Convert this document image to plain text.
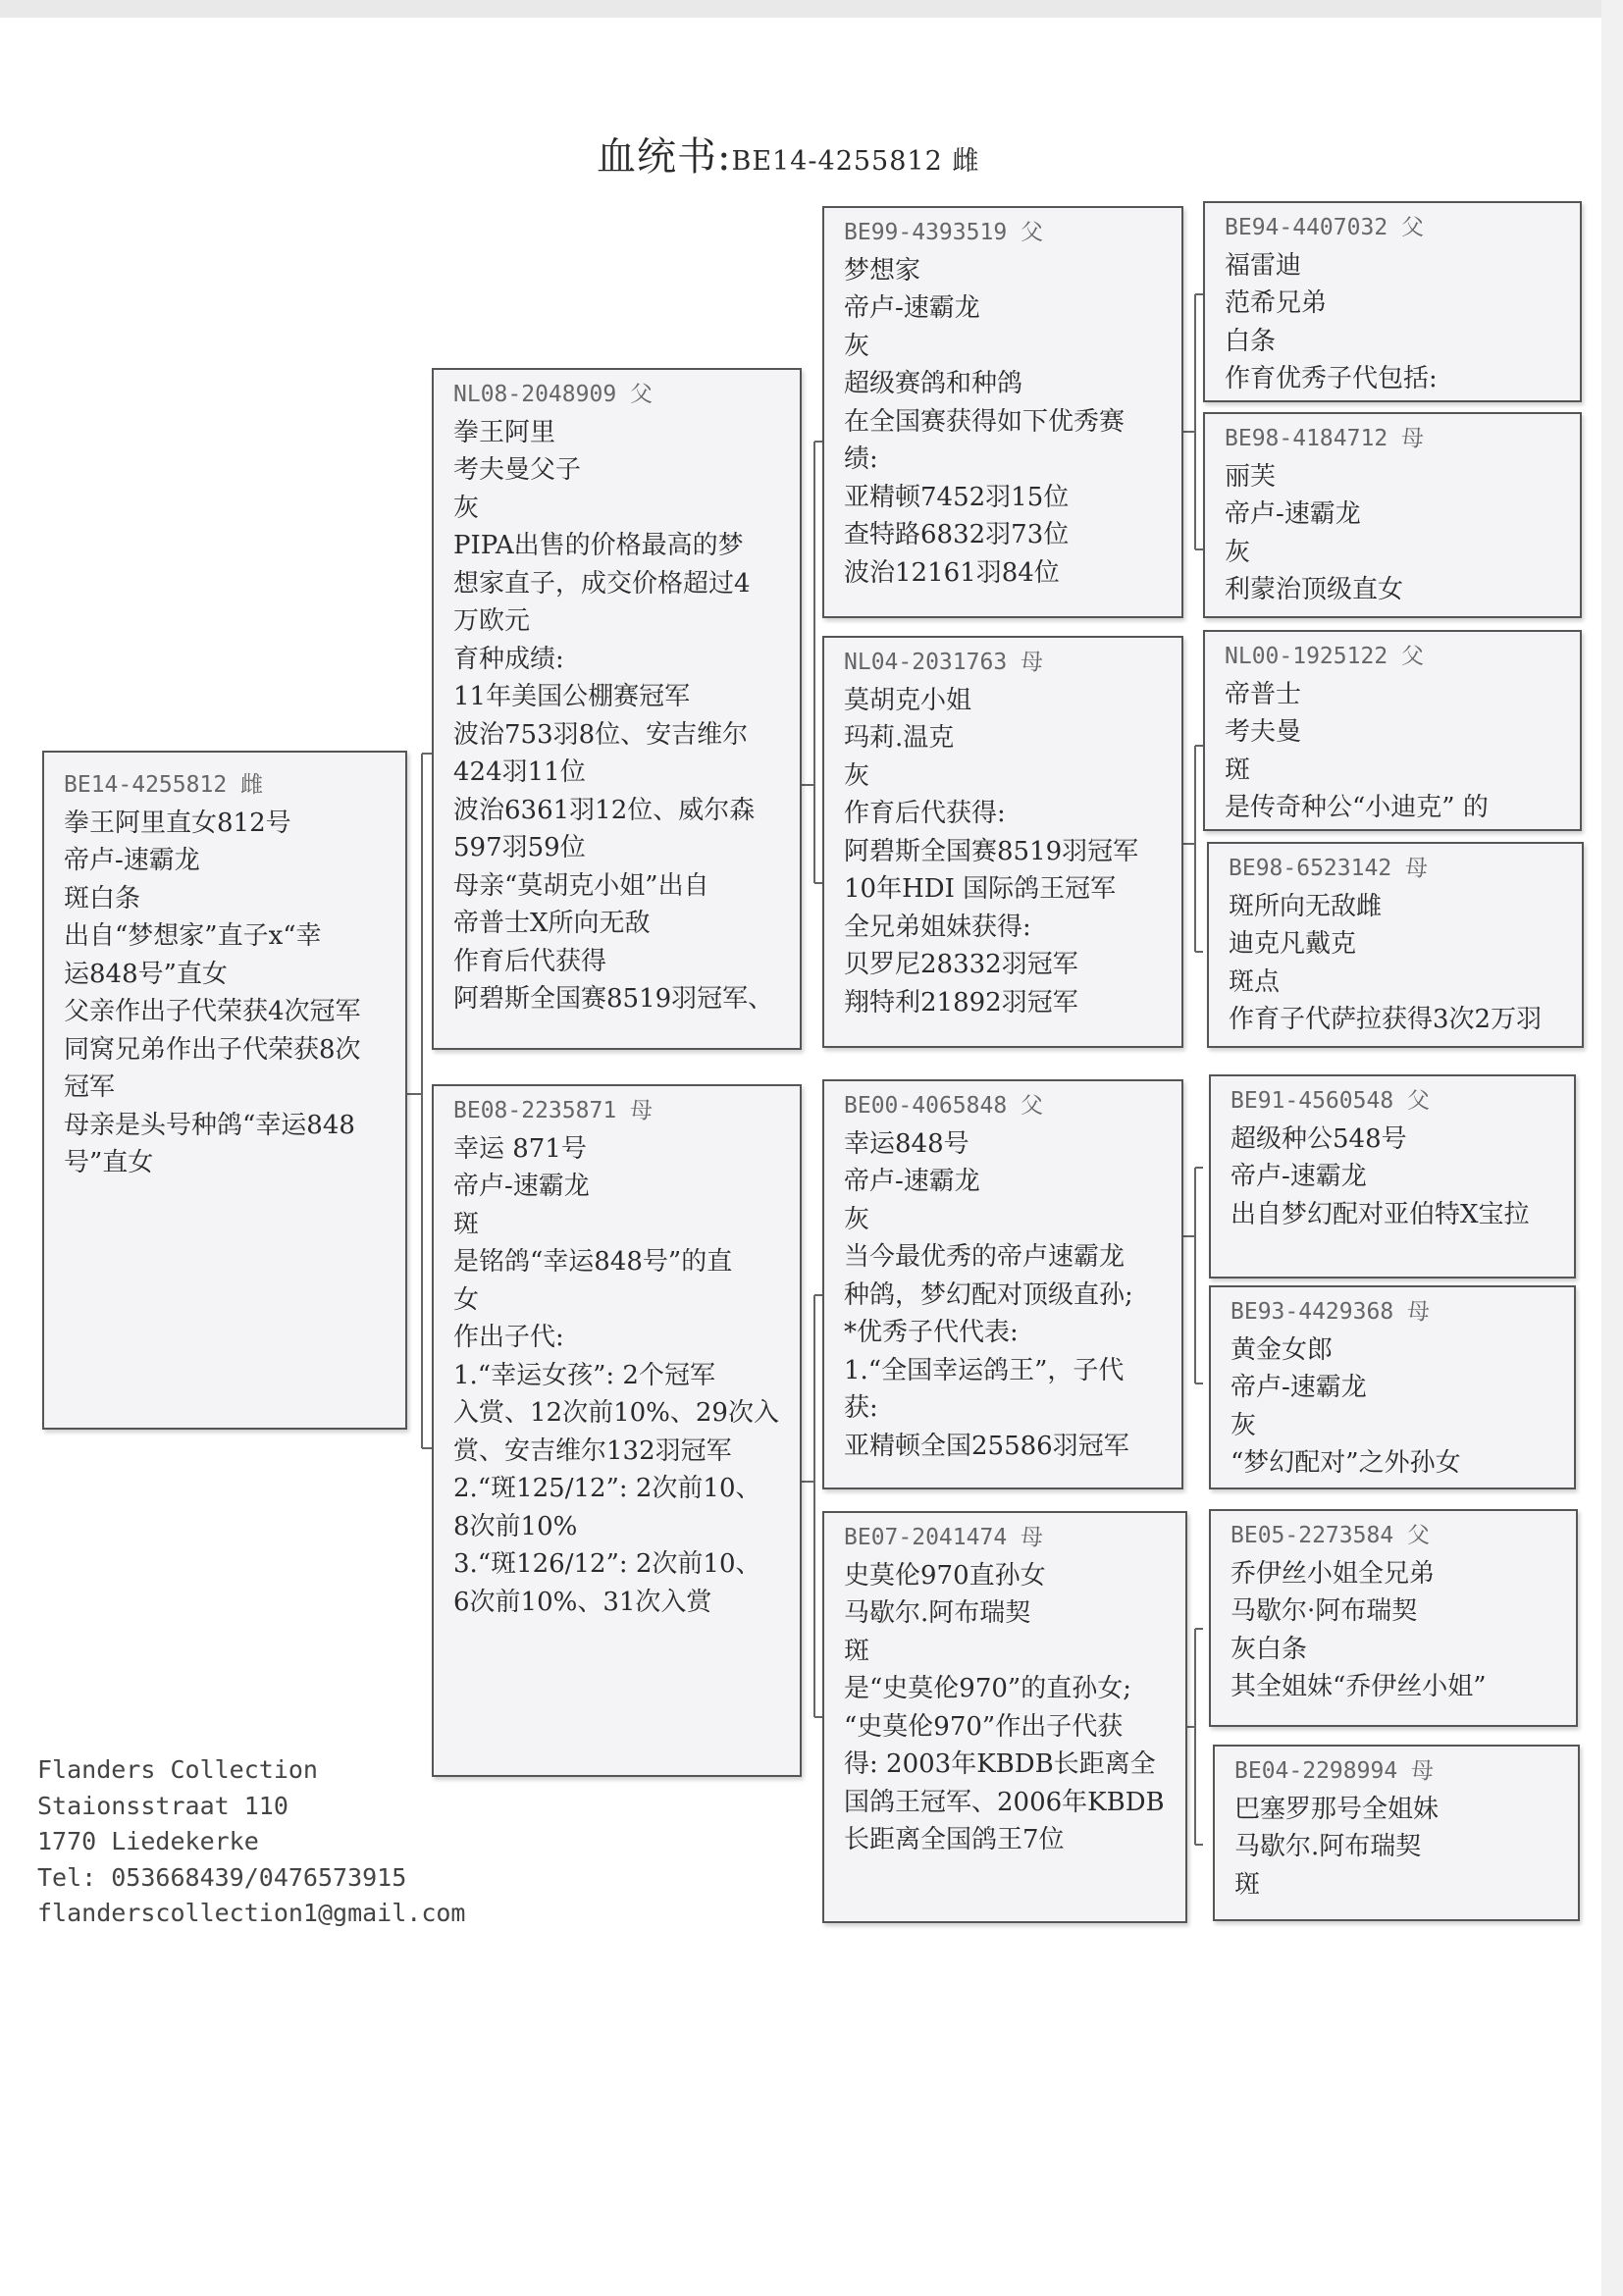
血统书:BE14-4255812 雌
BE14-4255812 雌
拳王阿里直女812号
帝卢-速霸龙
斑白条
出自“梦想家”直子x“幸
运848号”直女
父亲作出子代荣获4次冠军
同窝兄弟作出子代荣获8次
冠军
母亲是头号种鸽“幸运848
号”直女
NL08-2048909 父
拳王阿里
考夫曼父子
灰
PIPA出售的价格最高的梦
想家直子，成交价格超过4
万欧元
育种成绩:
11年美国公棚赛冠军
波治753羽8位、安吉维尔
424羽11位
波治6361羽12位、威尔森
597羽59位
母亲“莫胡克小姐”出自
帝普士X所向无敌
作育后代获得
阿碧斯全国赛8519羽冠军、
BE08-2235871 母
幸运 871号
帝卢-速霸龙
斑
是铭鸽“幸运848号”的直
女
作出子代:
1.“幸运女孩”: 2个冠军
入赏、12次前10%、29次入
赏、安吉维尔132羽冠军
2.“斑125/12”: 2次前10、
8次前10%
3.“斑126/12”: 2次前10、
6次前10%、31次入赏
BE99-4393519 父
梦想家
帝卢-速霸龙
灰
超级赛鸽和种鸽
在全国赛获得如下优秀赛
绩:
亚精顿7452羽15位
查特路6832羽73位
波治12161羽84位
NL04-2031763 母
莫胡克小姐
玛莉.温克
灰
作育后代获得:
阿碧斯全国赛8519羽冠军
10年HDI 国际鸽王冠军
全兄弟姐妹获得:
贝罗尼28332羽冠军
翔特利21892羽冠军
BE00-4065848 父
幸运848号
帝卢-速霸龙
灰
当今最优秀的帝卢速霸龙
种鸽，梦幻配对顶级直孙;
*优秀子代代表:
1.“全国幸运鸽王”，子代
获:
亚精顿全国25586羽冠军
BE07-2041474 母
史莫伦970直孙女
马歇尔.阿布瑞契
斑
是“史莫伦970”的直孙女;
“史莫伦970”作出子代获
得: 2003年KBDB长距离全
国鸽王冠军、2006年KBDB
长距离全国鸽王7位
BE94-4407032 父
福雷迪
范希兄弟
白条
作育优秀子代包括:
BE98-4184712 母
丽芙
帝卢-速霸龙
灰
利蒙治顶级直女
NL00-1925122 父
帝普士
考夫曼
斑
是传奇种公“小迪克” 的
BE98-6523142 母
斑所向无敌雌
迪克凡戴克
斑点
作育子代萨拉获得3次2万羽
BE91-4560548 父
超级种公548号
帝卢-速霸龙
出自梦幻配对亚伯特X宝拉
BE93-4429368 母
黄金女郎
帝卢-速霸龙
灰
“梦幻配对”之外孙女
BE05-2273584 父
乔伊丝小姐全兄弟
马歇尔·阿布瑞契
灰白条
其全姐妹“乔伊丝小姐”
BE04-2298994 母
巴塞罗那号全姐妹
马歇尔.阿布瑞契
斑
Flanders Collection
Staionsstraat 110
1770 Liedekerke
Tel: 053668439/0476573915
flanderscollection1@gmail.com
